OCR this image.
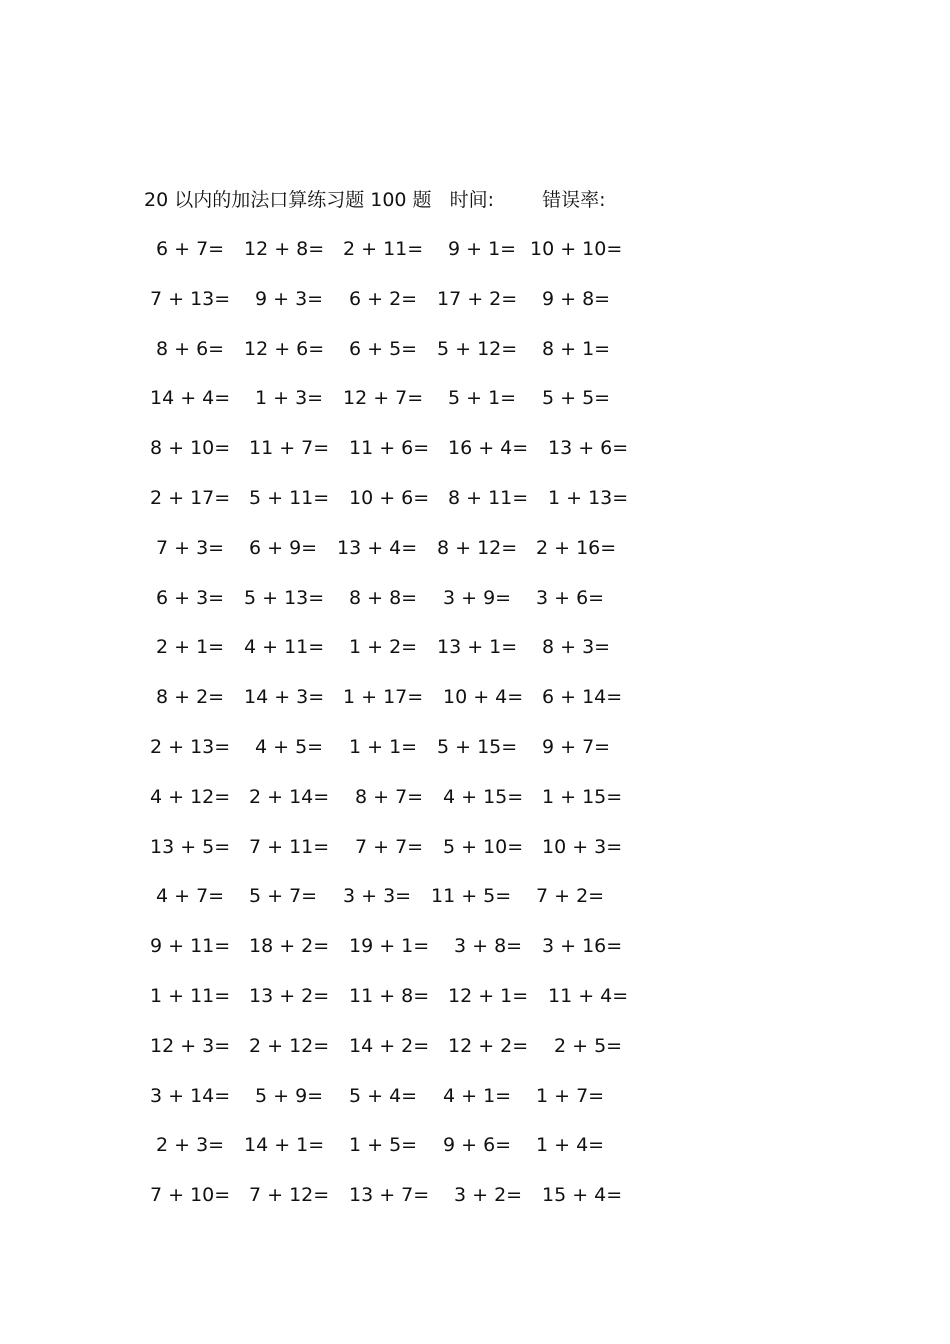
20 以内的加法口算练习题 100 题 时间:	错误率:
6 + 7= 12 + 8= 2 + 11= 9 + 1= 10 + 10=
7 + 13= 9 + 3= 6 + 2= 17 + 2= 9 + 8=
8 + 6= 12 + 6= 6 + 5= 5 + 12= 8 + 1=
14 + 4= 1 + 3= 12 + 7= 5 + 1= 5 + 5=
8 + 10= 11 + 7= 11 + 6= 16 + 4= 13 + 6=
2 + 17= 5 + 11= 10 + 6= 8 + 11= 1 + 13=
7 + 3= 6 + 9= 13 + 4= 8 + 12= 2 + 16=
6 + 3= 5 + 13= 8 + 8= 3 + 9= 3 + 6=
2 + 1= 4 + 11= 1 + 2= 13 + 1= 8 + 3=
8 + 2= 14 + 3= 1 + 17= 10 + 4= 6 + 14=
2 + 13= 4 + 5= 1 + 1= 5 + 15= 9 + 7=
4 + 12= 2 + 14= 8 + 7= 4 + 15= 1 + 15=
13 + 5= 7 + 11= 7 + 7= 5 + 10= 10 + 3=
4 + 7= 5 + 7= 3 + 3= 11 + 5= 7 + 2=
9 + 11= 18 + 2= 19 + 1= 3 + 8= 3 + 16=
1 + 11= 13 + 2= 11 + 8= 12 + 1= 11 + 4=
12 + 3= 2 + 12= 14 + 2= 12 + 2= 2 + 5=
3 + 14= 5 + 9= 5 + 4= 4 + 1= 1 + 7=
2 + 3= 14 + 1= 1 + 5= 9 + 6= 1 + 4=
7 + 10= 7 + 12= 13 + 7= 3 + 2= 15 + 4=
